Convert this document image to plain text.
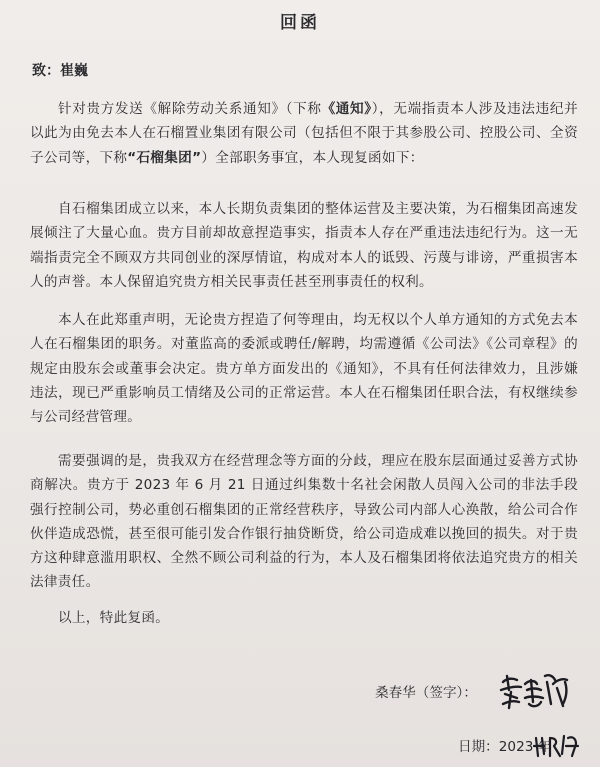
回函
致：崔巍

针对贵方发送《解除劳动关系通知》（下称《通知》），无端指责本人涉及违法违纪并以此为由免去本人在石榴置业集团有限公司（包括但不限于其参股公司、控股公司、全资子公司等，下称“石榴集团”）全部职务事宜，本人现复函如下：

自石榴集团成立以来，本人长期负责集团的整体运营及主要决策，为石榴集团高速发展倾注了大量心血。贵方目前却故意捏造事实，指责本人存在严重违法违纪行为。这一无端指责完全不顾双方共同创业的深厚情谊，构成对本人的诋毁、污蔑与诽谤，严重损害本人的声誉。本人保留追究贵方相关民事责任甚至刑事责任的权利。

本人在此郑重声明，无论贵方捏造了何等理由，均无权以个人单方通知的方式免去本人在石榴集团的职务。对董监高的委派或聘任/解聘，均需遵循《公司法》《公司章程》的规定由股东会或董事会决定。贵方单方面发出的《通知》，不具有任何法律效力，且涉嫌违法，现已严重影响员工情绪及公司的正常运营。本人在石榴集团任职合法，有权继续参与公司经营管理。

需要强调的是，贵我双方在经营理念等方面的分歧，理应在股东层面通过妥善方式协商解决。贵方于 2023 年 6 月 21 日通过纠集数十名社会闲散人员闯入公司的非法手段强行控制公司，势必重创石榴集团的正常经营秩序，导致公司内部人心涣散，给公司合作伙伴造成恐慌，甚至很可能引发合作银行抽贷断贷，给公司造成难以挽回的损失。对于贵方这种肆意滥用职权、全然不顾公司利益的行为，本人及石榴集团将依法追究贵方的相关法律责任。

以上，特此复函。

桑春华（签字）：
日期：2023 年
